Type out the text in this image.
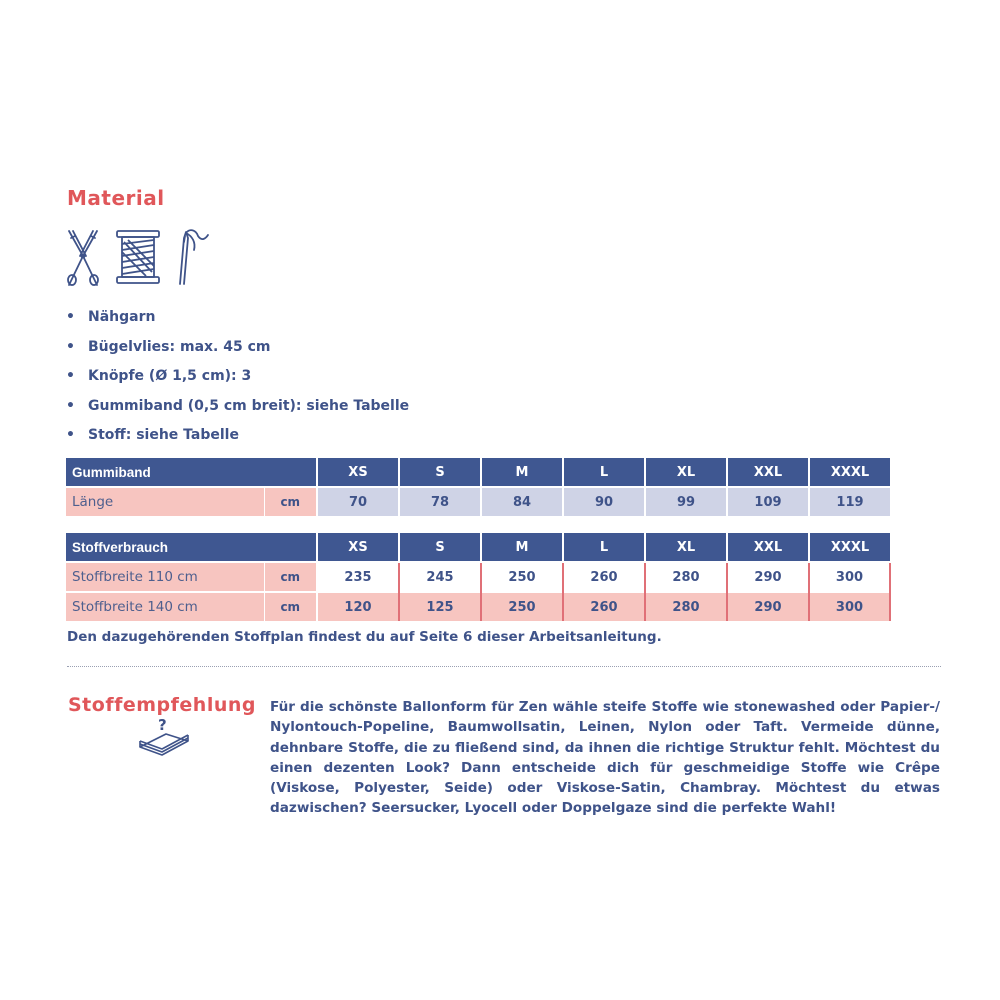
Material
• Nähgarn
• Bügelvlies: max. 45 cm
• Knöpfe (Ø 1,5 cm): 3
• Gummiband (0,5 cm breit): siehe Tabelle
• Stoff: siehe Tabelle
Gummiband		XS	S	M	L	XL	XXL	XXXL
Länge	cm	70	78	84	90	99	109	119
Stoffverbrauch		XS	S	M	L	XL	XXL	XXXL
Stoffbreite 110 cm	cm	235	245	250	260	280	290	300
Stoffbreite 140 cm	cm	120	125	250	260	280	290	300

Den dazugehörenden Stoffplan findest du auf Seite 6 dieser Arbeitsanleitung.

Stoffempfehlung
?

Für die schönste Ballonform für Zen wähle steife Stoffe wie stonewashed oder Papier-/ Nylontouch-Popeline, Baumwollsatin, Leinen, Nylon oder Taft. Vermeide dünne, dehnbare Stoffe, die zu fließend sind, da ihnen die richtige Struktur fehlt. Möchtest du einen dezenten Look? Dann entscheide dich für geschmeidige Stoffe wie Crêpe (Viskose, Polyester, Seide) oder Viskose-Satin, Chambray. Möchtest du etwas dazwischen? Seersucker, Lyocell oder Doppelgaze sind die perfekte Wahl!
